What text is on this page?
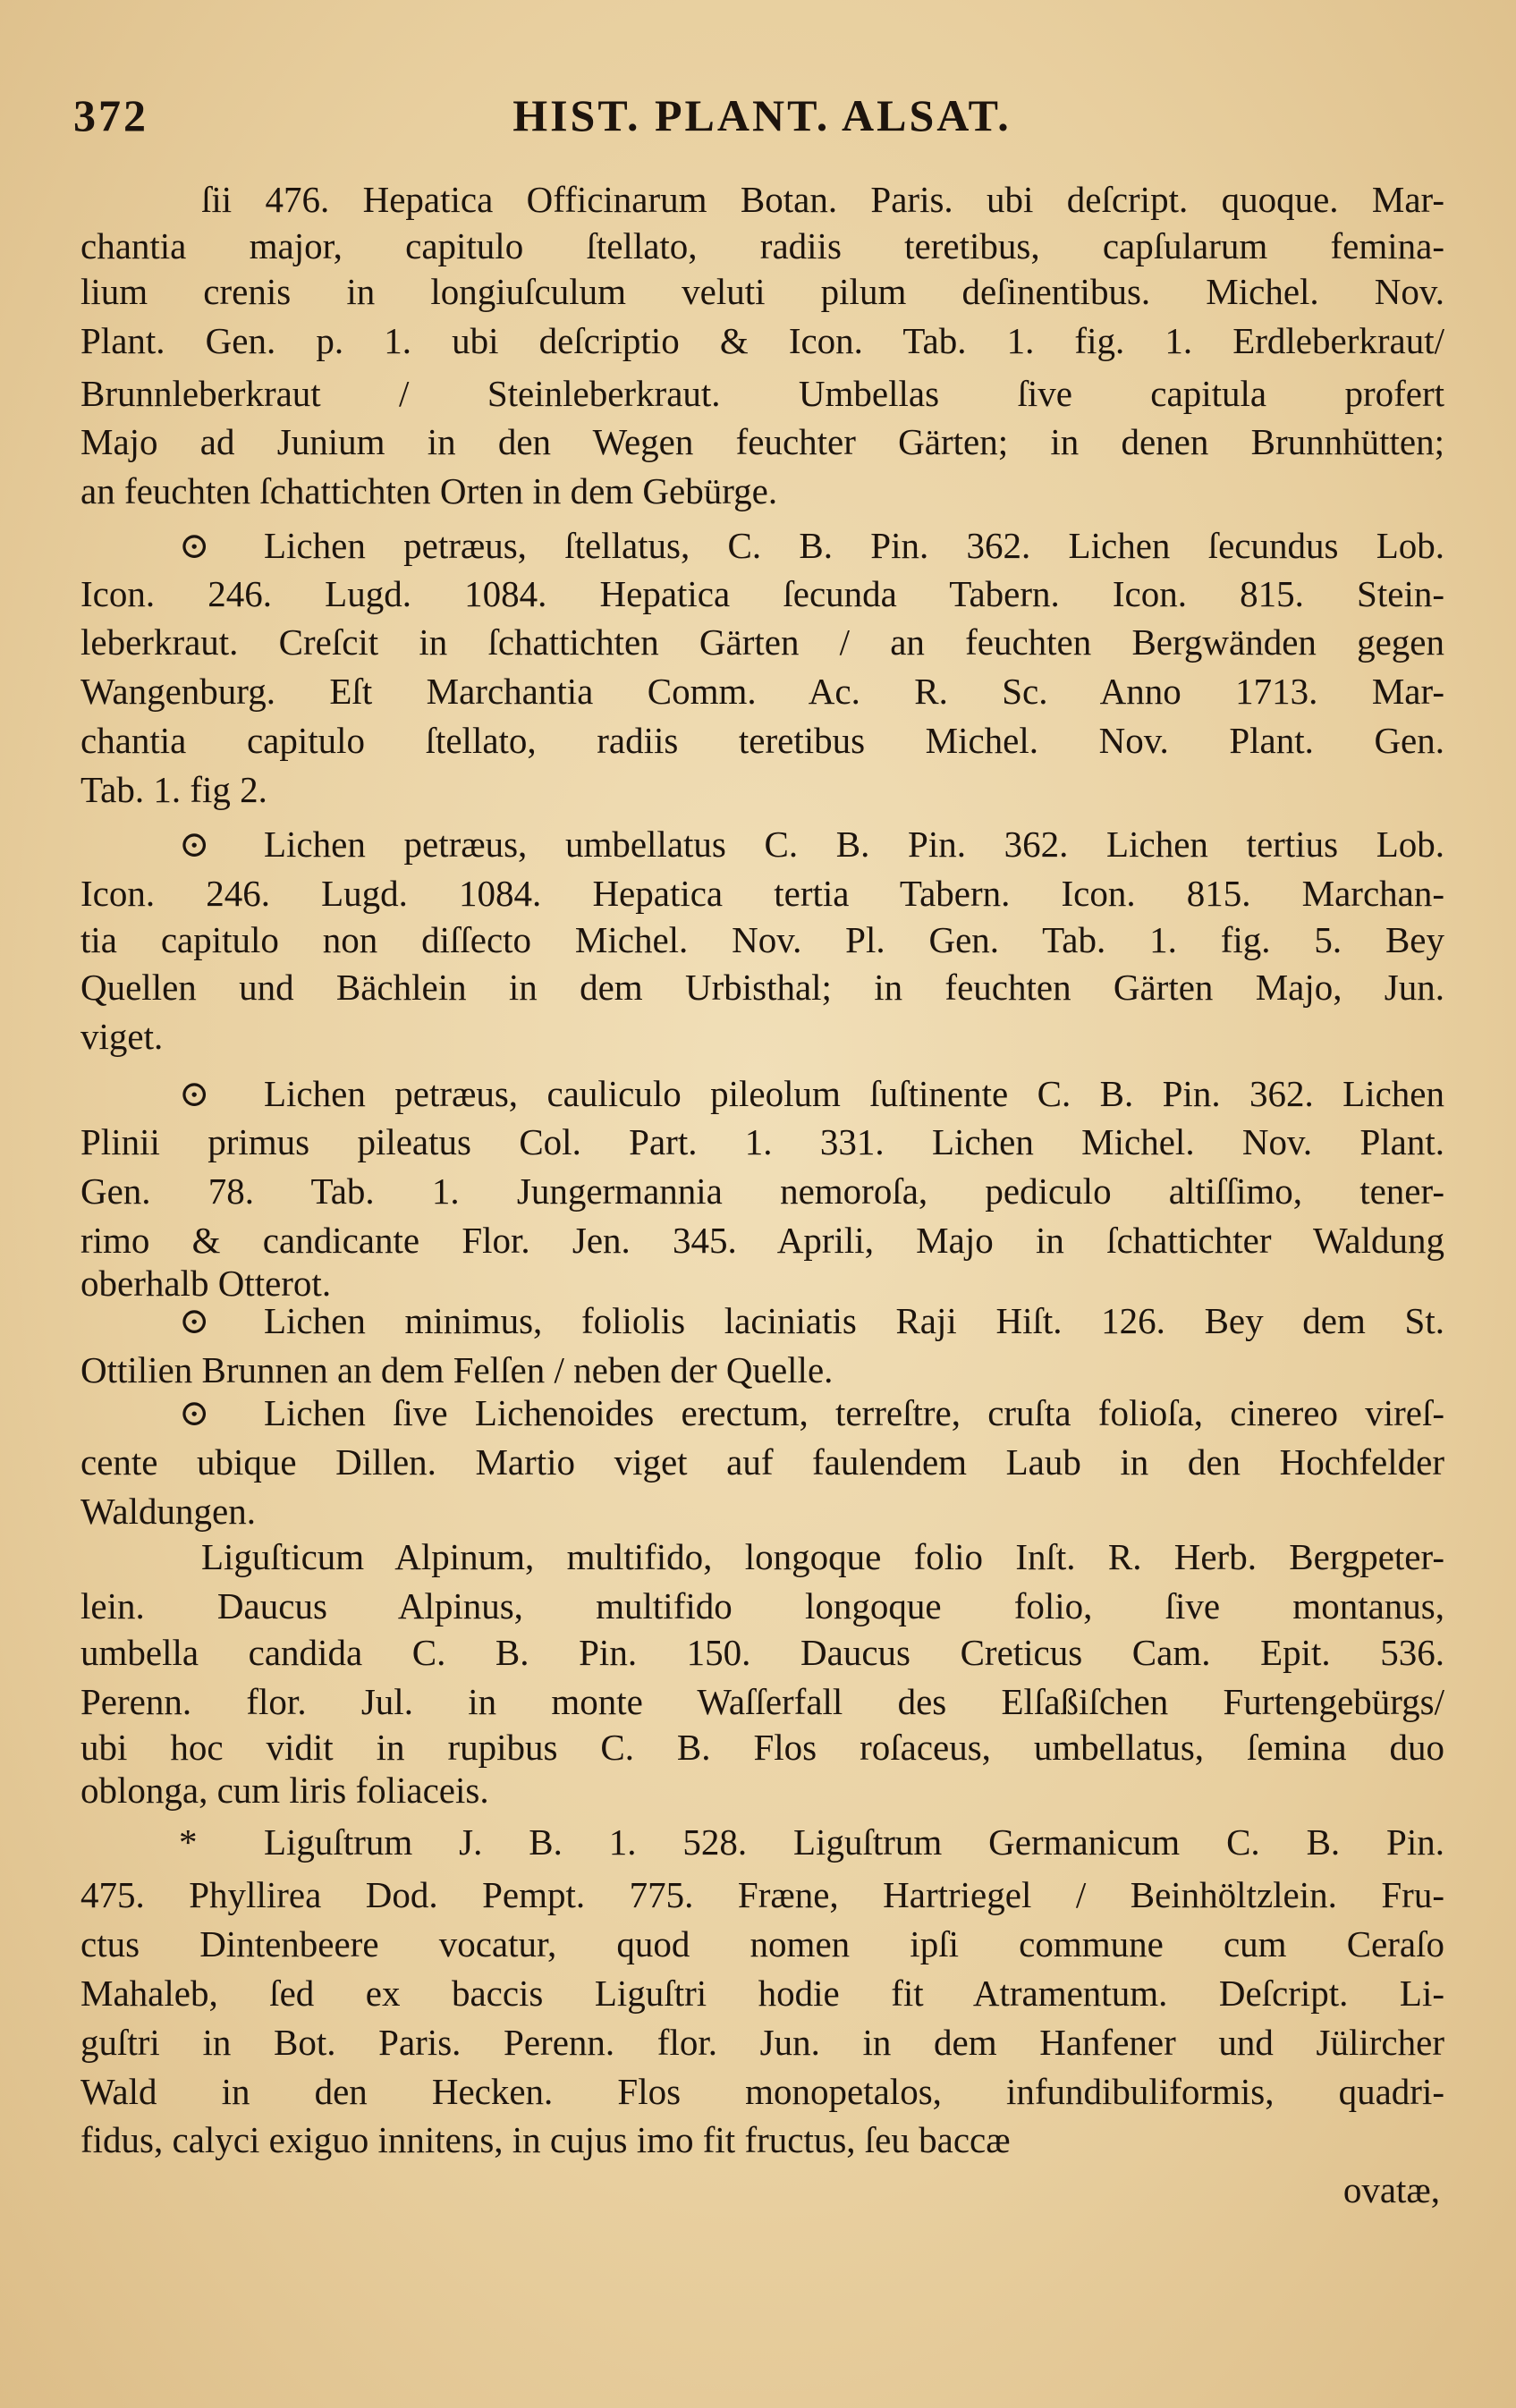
372	HIST. PLANT. ALSAT.
ſii 476. Hepatica Officinarum Botan. Paris. ubi deſcript. quoque. Mar-
chantia major, capitulo ſtellato, radiis teretibus, capſularum femina-
lium crenis in longiuſculum veluti pilum deſinentibus. Michel. Nov.
Plant. Gen. p. 1. ubi deſcriptio & Icon. Tab. 1. fig. 1. Erdleberkraut/
Brunnleberkraut / Steinleberkraut. Umbellas ſive capitula profert
Majo ad Junium in den Wegen feuchter Gärten; in denen Brunnhütten;
an feuchten ſchattichten Orten in dem Gebürge.
⊙	Lichen petræus, ſtellatus, C. B. Pin. 362. Lichen ſecundus Lob.
Icon. 246. Lugd. 1084. Hepatica ſecunda Tabern. Icon. 815. Stein-
leberkraut. Creſcit in ſchattichten Gärten / an feuchten Bergwänden gegen
Wangenburg. Eſt Marchantia Comm. Ac. R. Sc. Anno 1713. Mar-
chantia capitulo ſtellato, radiis teretibus Michel. Nov. Plant. Gen.
Tab. 1. fig 2.
⊙	Lichen petræus, umbellatus C. B. Pin. 362. Lichen tertius Lob.
Icon. 246. Lugd. 1084. Hepatica tertia Tabern. Icon. 815. Marchan-
tia capitulo non diſſecto Michel. Nov. Pl. Gen. Tab. 1. fig. 5. Bey
Quellen und Bächlein in dem Urbisthal; in feuchten Gärten Majo, Jun.
viget.
⊙	Lichen petræus, cauliculo pileolum ſuſtinente C. B. Pin. 362. Lichen
Plinii primus pileatus Col. Part. 1. 331. Lichen Michel. Nov. Plant.
Gen. 78. Tab. 1. Jungermannia nemoroſa, pediculo altiſſimo, tener-
rimo & candicante Flor. Jen. 345. Aprili, Majo in ſchattichter Waldung
oberhalb Otterot.
⊙	Lichen minimus, foliolis laciniatis Raji Hiſt. 126. Bey dem St.
Ottilien Brunnen an dem Felſen / neben der Quelle.
⊙	Lichen ſive Lichenoides erectum, terreſtre, cruſta folioſa, cinereo vireſ-
cente ubique Dillen. Martio viget auf faulendem Laub in den Hochfelder
Waldungen.
Liguſticum Alpinum, multifido, longoque folio Inſt. R. Herb. Bergpeter-
lein. Daucus Alpinus, multifido longoque folio, ſive montanus,
umbella candida C. B. Pin. 150. Daucus Creticus Cam. Epit. 536.
Perenn. flor. Jul. in monte Waſſerfall des Elſaßiſchen Furtengebürgs/
ubi hoc vidit in rupibus C. B. Flos roſaceus, umbellatus, ſemina duo
oblonga, cum liris foliaceis.
*	Liguſtrum J. B. 1. 528. Liguſtrum Germanicum C. B. Pin.
475. Phyllirea Dod. Pempt. 775. Fræne, Hartriegel / Beinhöltzlein. Fru-
ctus Dintenbeere vocatur, quod nomen ipſi commune cum Ceraſo
Mahaleb, ſed ex baccis Liguſtri hodie fit Atramentum. Deſcript. Li-
guſtri in Bot. Paris. Perenn. flor. Jun. in dem Hanfener und Jülircher
Wald in den Hecken. Flos monopetalos, infundibuliformis, quadri-
fidus, calyci exiguo innitens, in cujus imo fit fructus, ſeu baccæ
ovatæ,
